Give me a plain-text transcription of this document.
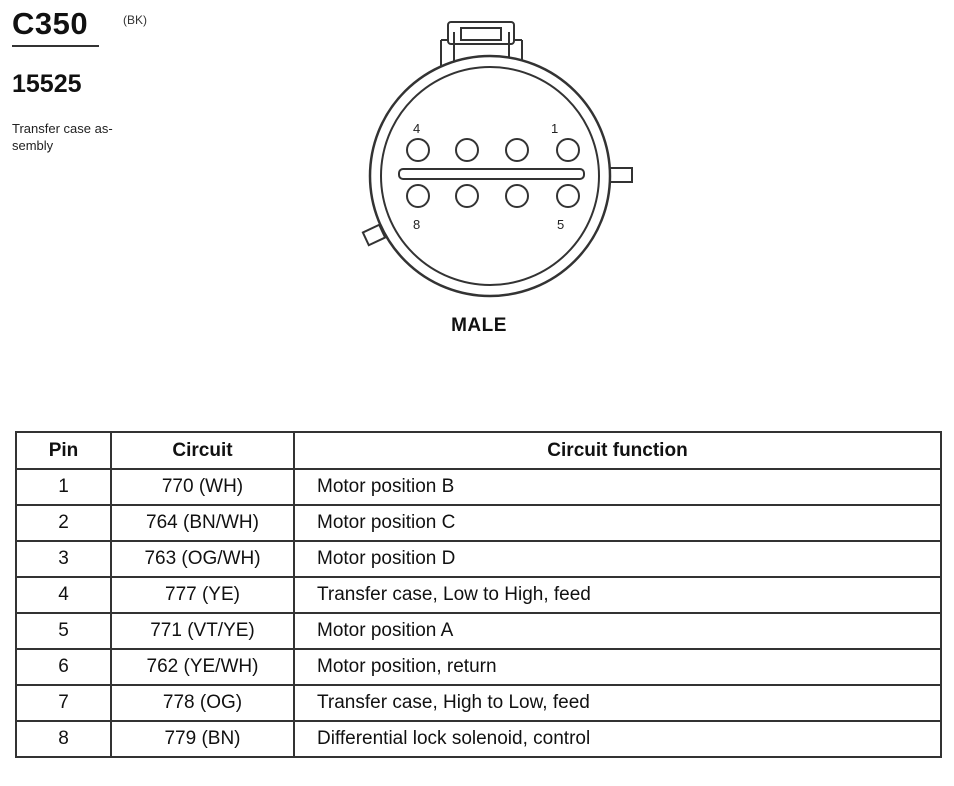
C350	(BK)
15525
Transfer case as-
sembly
4	1
8	5
MALE
Pin	Circuit	Circuit function
1	770 (WH)	Motor position B
2	764 (BN/WH)	Motor position C
3	763 (OG/WH)	Motor position D
4	777 (YE)	Transfer case, Low to High, feed
5	771 (VT/YE)	Motor position A
6	762 (YE/WH)	Motor position, return
7	778 (OG)	Transfer case, High to Low, feed
8	779 (BN)	Differential lock solenoid, control
